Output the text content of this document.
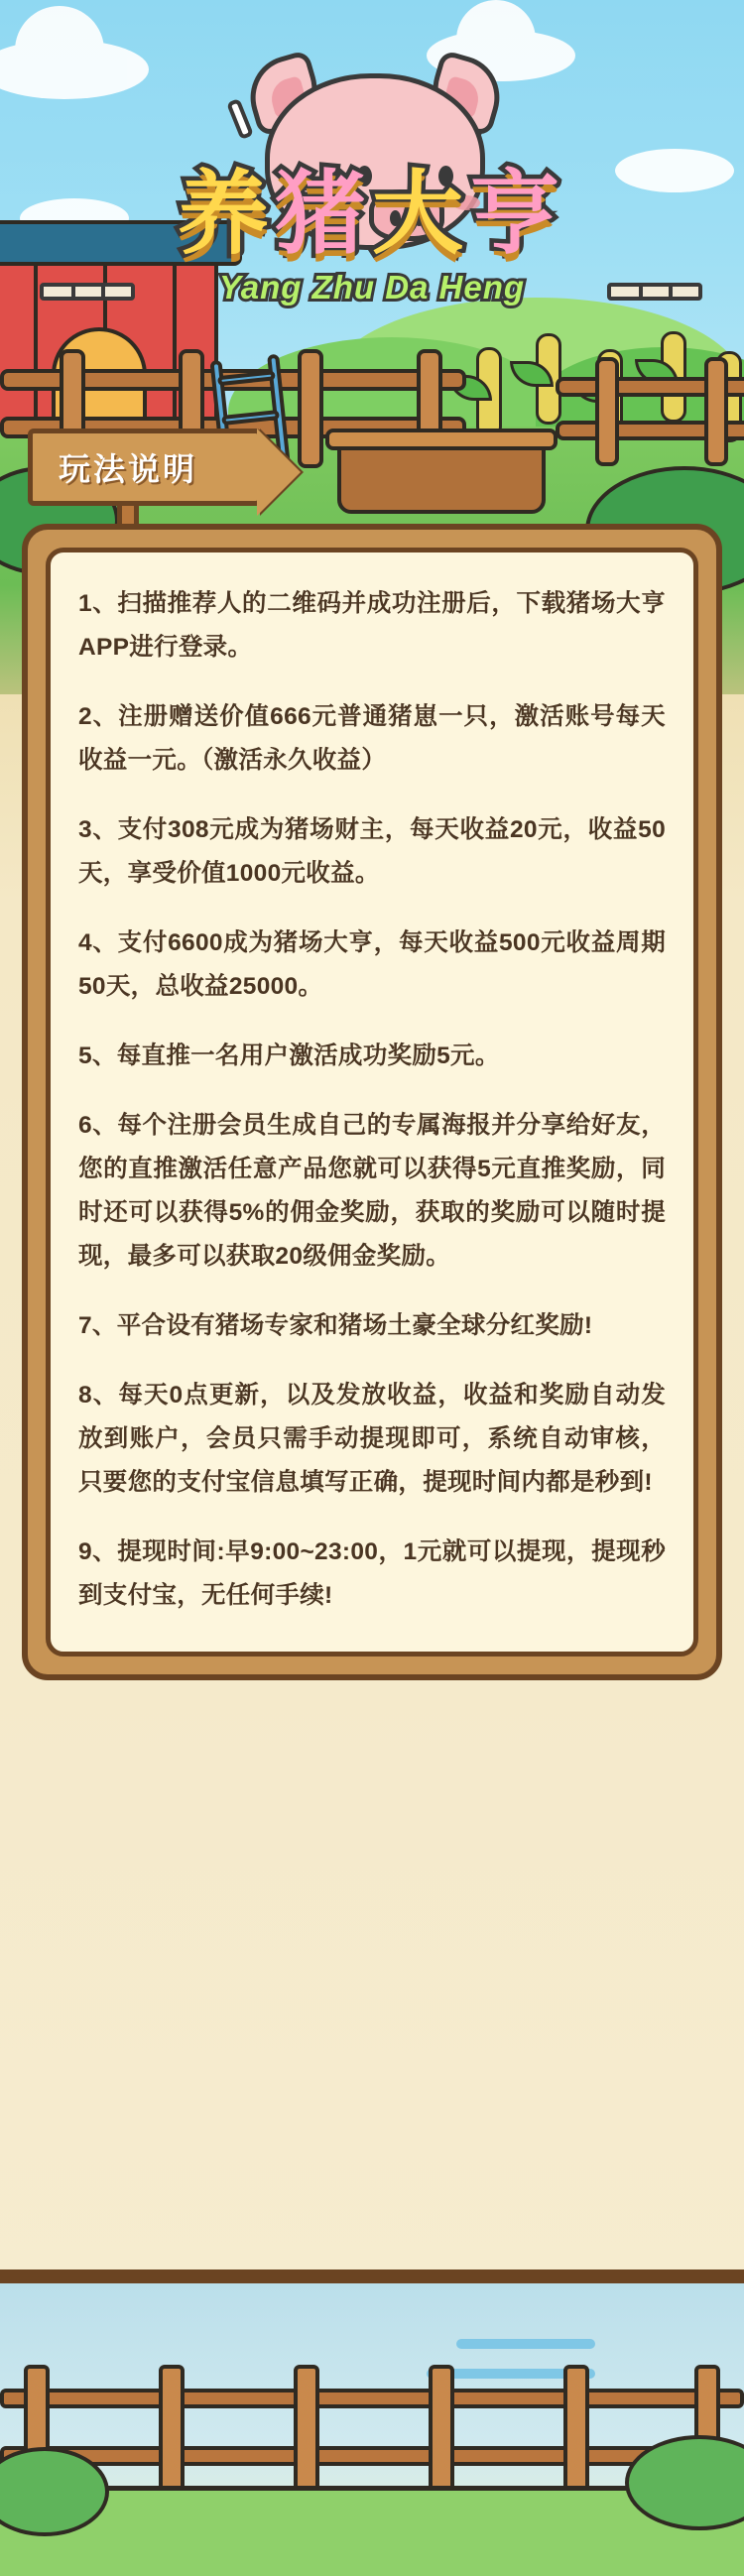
养猪大亨
Yang Zhu Da Heng
玩法说明

1、扫描推荐人的二维码并成功注册后，下载猪场大亨APP进行登录。

2、注册赠送价值666元普通猪崽一只，激活账号每天收益一元。（激活永久收益）

3、支付308元成为猪场财主，每天收益20元，收益50天，享受价值1000元收益。

4、支付6600成为猪场大亨，每天收益500元收益周期50天，总收益25000。

5、每直推一名用户激活成功奖励5元。

6、每个注册会员生成自己的专属海报并分享给好友，您的直推激活任意产品您就可以获得5元直推奖励，同时还可以获得5%的佣金奖励，获取的奖励可以随时提现，最多可以获取20级佣金奖励。

7、平合设有猪场专家和猪场土豪全球分红奖励!

8、每天0点更新，以及发放收益，收益和奖励自动发放到账户，会员只需手动提现即可，系统自动审核，只要您的支付宝信息填写正确，提现时间内都是秒到!

9、提现时间:早9:00~23:00，1元就可以提现，提现秒到支付宝，无任何手续!
